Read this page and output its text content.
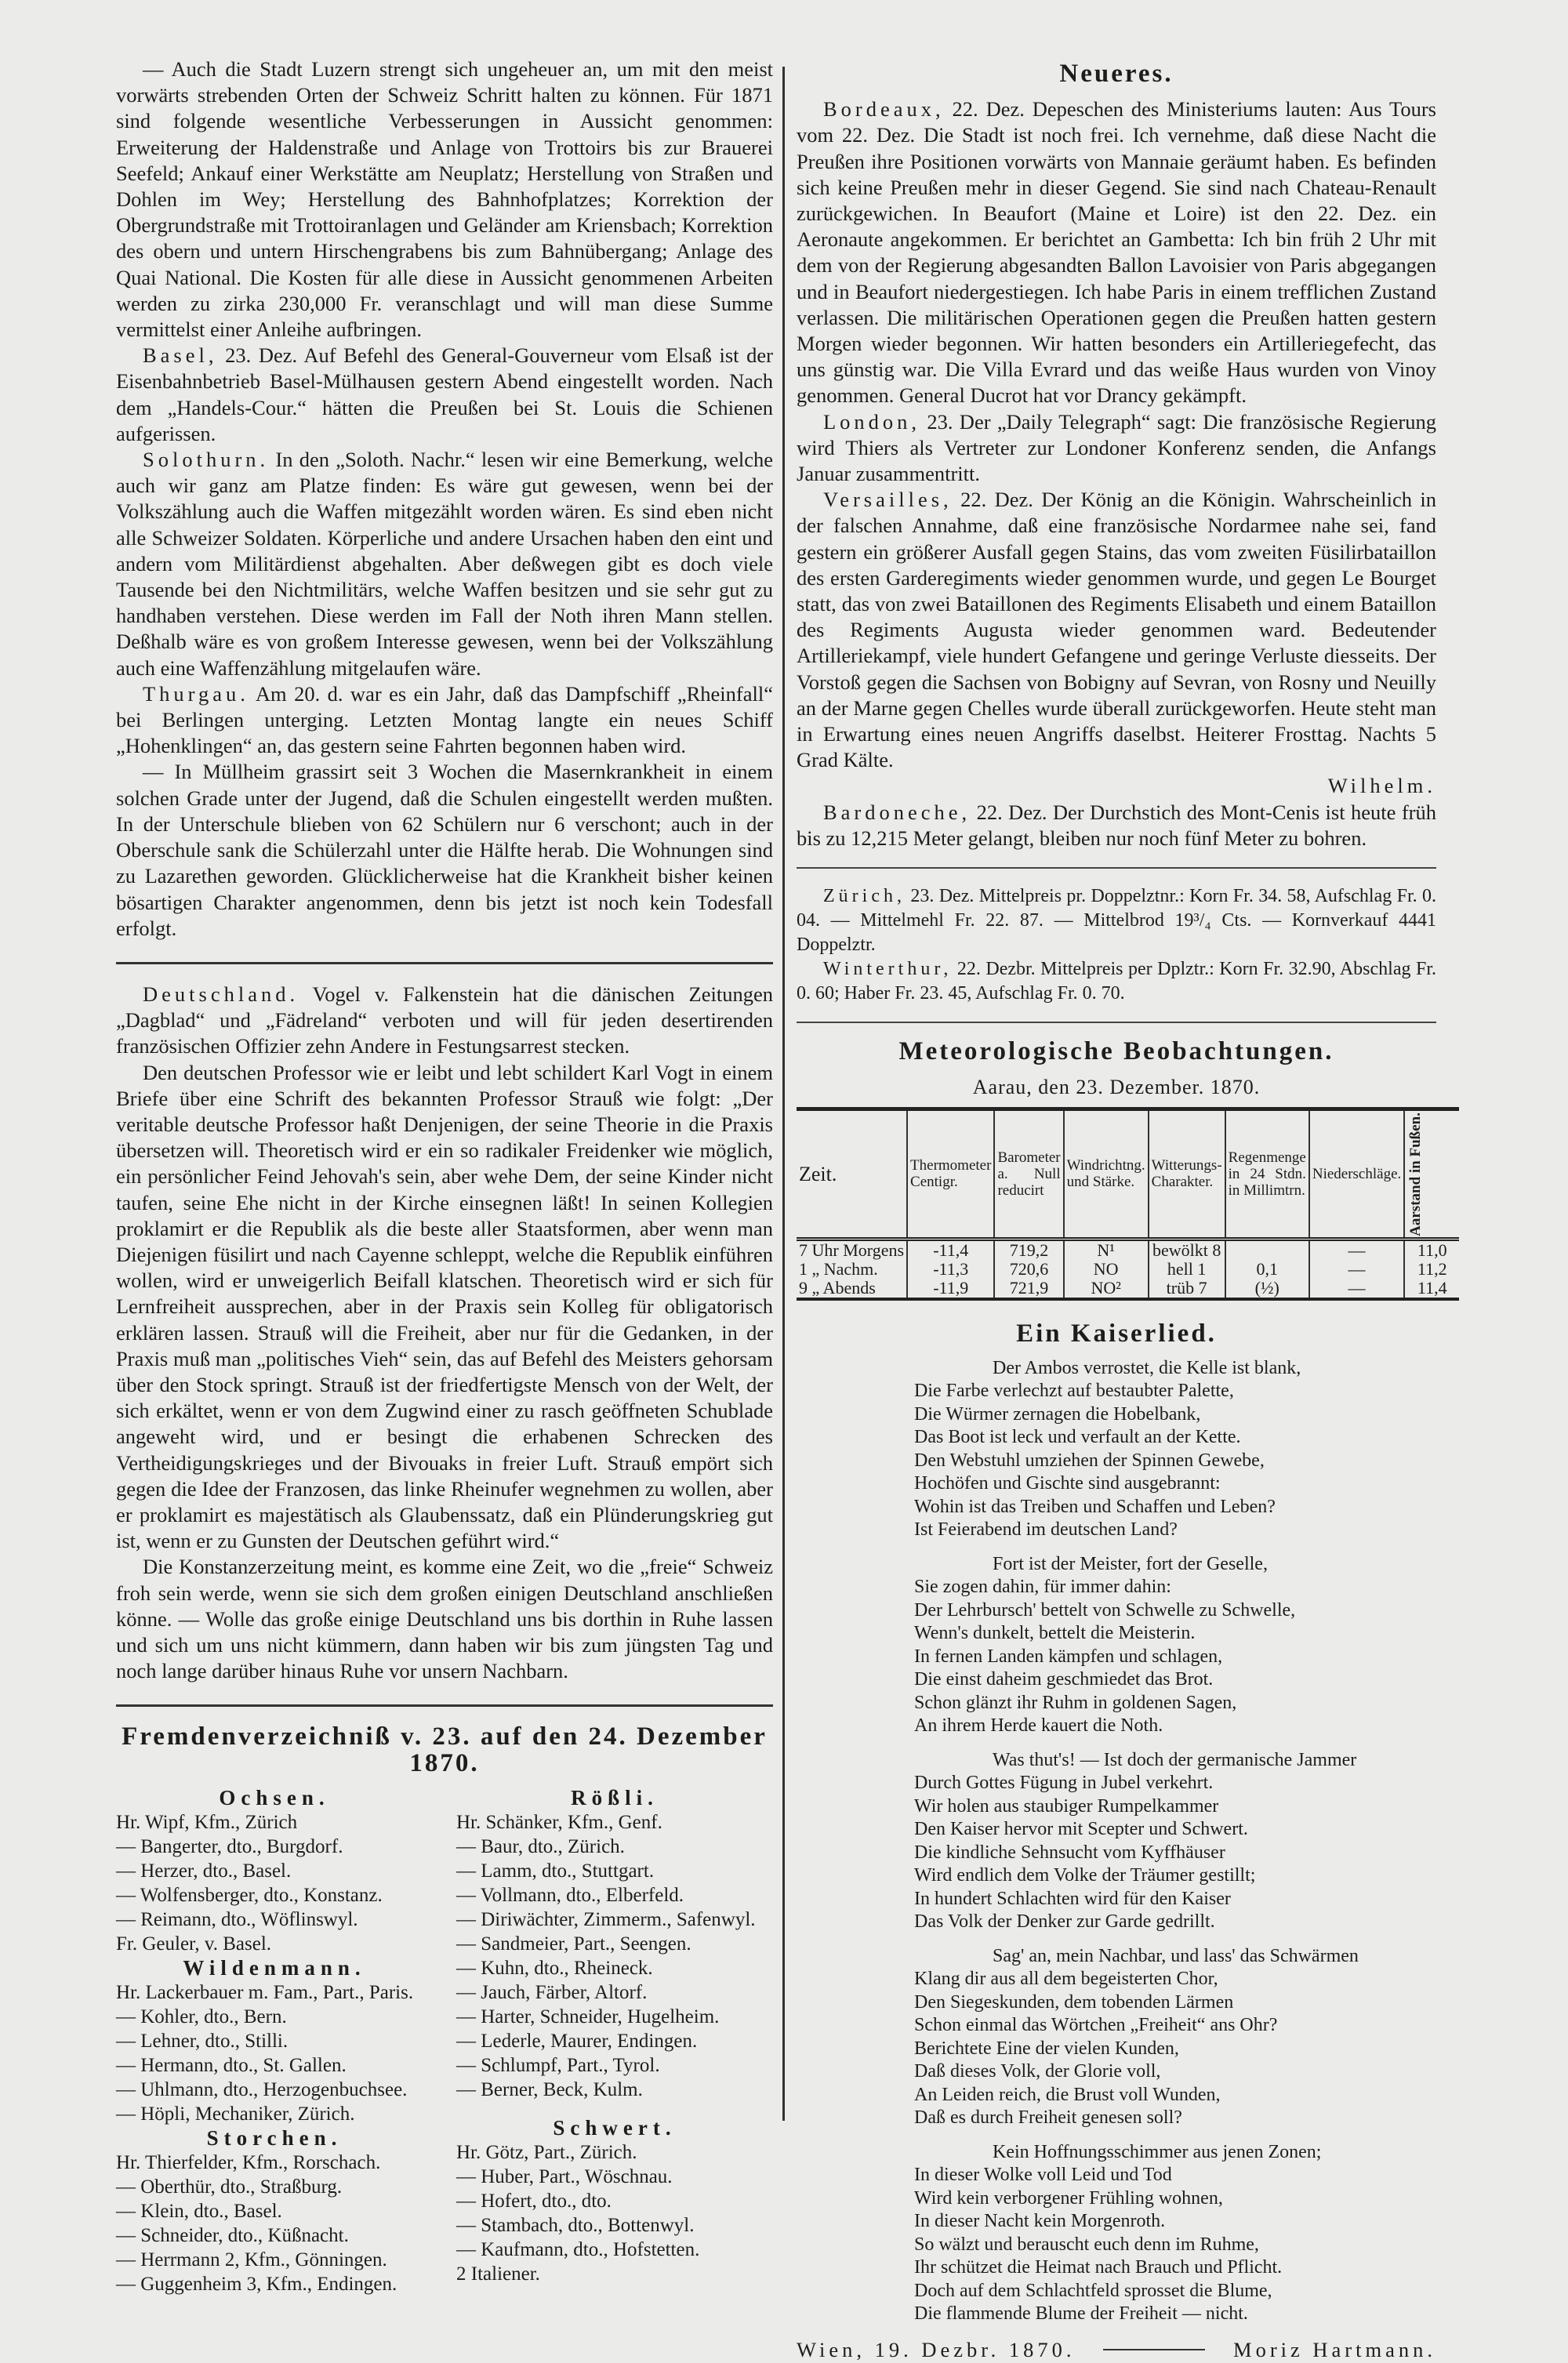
— Auch die Stadt Luzern strengt sich ungeheuer an, um mit den meist vorwärts strebenden Orten der Schweiz Schritt halten zu können. Für 1871 sind folgende wesentliche Verbesserungen in Aussicht genommen: Erweiterung der Haldenstraße und Anlage von Trottoirs bis zur Brauerei Seefeld; Ankauf einer Werkstätte am Neuplatz; Herstellung von Straßen und Dohlen im Wey; Herstellung des Bahnhofplatzes; Korrektion der Obergrundstraße mit Trottoiranlagen und Geländer am Kriensbach; Korrektion des obern und untern Hirschengrabens bis zum Bahnübergang; Anlage des Quai National. Die Kosten für alle diese in Aussicht genommenen Arbeiten werden zu zirka 230,000 Fr. veranschlagt und will man diese Summe vermittelst einer Anleihe aufbringen.

Basel, 23. Dez. Auf Befehl des General-Gouverneur vom Elsaß ist der Eisenbahnbetrieb Basel-Mülhausen gestern Abend eingestellt worden. Nach dem „Handels-Cour.“ hätten die Preußen bei St. Louis die Schienen aufgerissen.

Solothurn. In den „Soloth. Nachr.“ lesen wir eine Bemerkung, welche auch wir ganz am Platze finden: Es wäre gut gewesen, wenn bei der Volkszählung auch die Waffen mitgezählt worden wären. Es sind eben nicht alle Schweizer Soldaten. Körperliche und andere Ursachen haben den eint und andern vom Militärdienst abgehalten. Aber deßwegen gibt es doch viele Tausende bei den Nichtmilitärs, welche Waffen besitzen und sie sehr gut zu handhaben verstehen. Diese werden im Fall der Noth ihren Mann stellen. Deßhalb wäre es von großem Interesse gewesen, wenn bei der Volkszählung auch eine Waffenzählung mitgelaufen wäre.

Thurgau. Am 20. d. war es ein Jahr, daß das Dampfschiff „Rheinfall“ bei Berlingen unterging. Letzten Montag langte ein neues Schiff „Hohenklingen“ an, das gestern seine Fahrten begonnen haben wird.

— In Müllheim grassirt seit 3 Wochen die Masernkrankheit in einem solchen Grade unter der Jugend, daß die Schulen eingestellt werden mußten. In der Unterschule blieben von 62 Schülern nur 6 verschont; auch in der Oberschule sank die Schülerzahl unter die Hälfte herab. Die Wohnungen sind zu Lazarethen geworden. Glücklicherweise hat die Krankheit bisher keinen bösartigen Charakter angenommen, denn bis jetzt ist noch kein Todesfall erfolgt.

Deutschland. Vogel v. Falkenstein hat die dänischen Zeitungen „Dagblad“ und „Fädreland“ verboten und will für jeden desertirenden französischen Offizier zehn Andere in Festungsarrest stecken.

Den deutschen Professor wie er leibt und lebt schildert Karl Vogt in einem Briefe über eine Schrift des bekannten Professor Strauß wie folgt: „Der veritable deutsche Professor haßt Denjenigen, der seine Theorie in die Praxis übersetzen will. Theoretisch wird er ein so radikaler Freidenker wie möglich, ein persönlicher Feind Jehovah's sein, aber wehe Dem, der seine Kinder nicht taufen, seine Ehe nicht in der Kirche einsegnen läßt! In seinen Kollegien proklamirt er die Republik als die beste aller Staatsformen, aber wenn man Diejenigen füsilirt und nach Cayenne schleppt, welche die Republik einführen wollen, wird er unweigerlich Beifall klatschen. Theoretisch wird er sich für Lernfreiheit aussprechen, aber in der Praxis sein Kolleg für obligatorisch erklären lassen. Strauß will die Freiheit, aber nur für die Gedanken, in der Praxis muß man „politisches Vieh“ sein, das auf Befehl des Meisters gehorsam über den Stock springt. Strauß ist der friedfertigste Mensch von der Welt, der sich erkältet, wenn er von dem Zugwind einer zu rasch geöffneten Schublade angeweht wird, und er besingt die erhabenen Schrecken des Vertheidigungskrieges und der Bivouaks in freier Luft. Strauß empört sich gegen die Idee der Franzosen, das linke Rheinufer wegnehmen zu wollen, aber er proklamirt es majestätisch als Glaubenssatz, daß ein Plünderungskrieg gut ist, wenn er zu Gunsten der Deutschen geführt wird.“

Die Konstanzerzeitung meint, es komme eine Zeit, wo die „freie“ Schweiz froh sein werde, wenn sie sich dem großen einigen Deutschland anschließen könne. — Wolle das große einige Deutschland uns bis dorthin in Ruhe lassen und sich um uns nicht kümmern, dann haben wir bis zum jüngsten Tag und noch lange darüber hinaus Ruhe vor unsern Nachbarn.

Fremdenverzeichniß v. 23. auf den 24. Dezember 1870.
Ochsen.
Hr. Wipf, Kfm., Zürich
— Bangerter, dto., Burgdorf.
— Herzer, dto., Basel.
— Wolfensberger, dto., Konstanz.
— Reimann, dto., Wöflinswyl.
Fr. Geuler, v. Basel.
Wildenmann.
Hr. Lackerbauer m. Fam., Part., Paris.
— Kohler, dto., Bern.
— Lehner, dto., Stilli.
— Hermann, dto., St. Gallen.
— Uhlmann, dto., Herzogenbuchsee.
— Höpli, Mechaniker, Zürich.
Storchen.
Hr. Thierfelder, Kfm., Rorschach.
— Oberthür, dto., Straßburg.
— Klein, dto., Basel.
— Schneider, dto., Küßnacht.
— Herrmann 2, Kfm., Gönningen.
— Guggenheim 3, Kfm., Endingen.
Rößli.
Hr. Schänker, Kfm., Genf.
— Baur, dto., Zürich.
— Lamm, dto., Stuttgart.
— Vollmann, dto., Elberfeld.
— Diriwächter, Zimmerm., Safenwyl.
— Sandmeier, Part., Seengen.
— Kuhn, dto., Rheineck.
— Jauch, Färber, Altorf.
— Harter, Schneider, Hugelheim.
— Lederle, Maurer, Endingen.
— Schlumpf, Part., Tyrol.
— Berner, Beck, Kulm.
Schwert.
Hr. Götz, Part., Zürich.
— Huber, Part., Wöschnau.
— Hofert, dto., dto.
— Stambach, dto., Bottenwyl.
— Kaufmann, dto., Hofstetten.
2 Italiener.
Neueres.

Bordeaux, 22. Dez. Depeschen des Ministeriums lauten: Aus Tours vom 22. Dez. Die Stadt ist noch frei. Ich vernehme, daß diese Nacht die Preußen ihre Positionen vorwärts von Mannaie geräumt haben. Es befinden sich keine Preußen mehr in dieser Gegend. Sie sind nach Chateau-Renault zurückgewichen. In Beaufort (Maine et Loire) ist den 22. Dez. ein Aeronaute angekommen. Er berichtet an Gambetta: Ich bin früh 2 Uhr mit dem von der Regierung abgesandten Ballon Lavoisier von Paris abgegangen und in Beaufort niedergestiegen. Ich habe Paris in einem trefflichen Zustand verlassen. Die militärischen Operationen gegen die Preußen hatten gestern Morgen wieder begonnen. Wir hatten besonders ein Artilleriegefecht, das uns günstig war. Die Villa Evrard und das weiße Haus wurden von Vinoy genommen. General Ducrot hat vor Drancy gekämpft.

London, 23. Der „Daily Telegraph“ sagt: Die französische Regierung wird Thiers als Vertreter zur Londoner Konferenz senden, die Anfangs Januar zusammentritt.

Versailles, 22. Dez. Der König an die Königin. Wahrscheinlich in der falschen Annahme, daß eine französische Nordarmee nahe sei, fand gestern ein größerer Ausfall gegen Stains, das vom zweiten Füsilirbataillon des ersten Garderegiments wieder genommen wurde, und gegen Le Bourget statt, das von zwei Bataillonen des Regiments Elisabeth und einem Bataillon des Regiments Augusta wieder genommen ward. Bedeutender Artilleriekampf, viele hundert Gefangene und geringe Verluste diesseits. Der Vorstoß gegen die Sachsen von Bobigny auf Sevran, von Rosny und Neuilly an der Marne gegen Chelles wurde überall zurückgeworfen. Heute steht man in Erwartung eines neuen Angriffs daselbst. Heiterer Frosttag. Nachts 5 Grad Kälte.

Wilhelm.

Bardoneche, 22. Dez. Der Durchstich des Mont-Cenis ist heute früh bis zu 12,215 Meter gelangt, bleiben nur noch fünf Meter zu bohren.

Zürich, 23. Dez. Mittelpreis pr. Doppelztnr.: Korn Fr. 34. 58, Aufschlag Fr. 0. 04. — Mittelmehl Fr. 22. 87. — Mittelbrod 19³/₄ Cts. — Kornverkauf 4441 Doppelztr.

Winterthur, 22. Dezbr. Mittelpreis per Dplztr.: Korn Fr. 32.90, Abschlag Fr. 0. 60; Haber Fr. 23. 45, Aufschlag Fr. 0. 70.

Meteorologische Beobachtungen.
Aarau, den 23. Dezember. 1870.
Zeit.	Thermometer Centigr.	Barometer a. Null reducirt	Windrichtng. und Stärke.	Witterungs-Charakter.	Regenmenge in 24 Stdn. in Millimtrn.	Niederschläge.	Aarstand in Fußen.

7 Uhr Morgens	-11,4	719,2	N¹	bewölkt 8		—	11,0
1 „ Nachm.	-11,3	720,6	NO	hell 1	0,1	—	11,2
9 „ Abends	-11,9	721,9	NO²	trüb 7	(½)	—	11,4
Ein Kaiserlied.
Der Ambos verrostet, die Kelle ist blank,
Die Farbe verlechzt auf bestaubter Palette,
Die Würmer zernagen die Hobelbank,
Das Boot ist leck und verfault an der Kette.
Den Webstuhl umziehen der Spinnen Gewebe,
Hochöfen und Gischte sind ausgebrannt:
Wohin ist das Treiben und Schaffen und Leben?
Ist Feierabend im deutschen Land?
Fort ist der Meister, fort der Geselle,
Sie zogen dahin, für immer dahin:
Der Lehrbursch' bettelt von Schwelle zu Schwelle,
Wenn's dunkelt, bettelt die Meisterin.
In fernen Landen kämpfen und schlagen,
Die einst daheim geschmiedet das Brot.
Schon glänzt ihr Ruhm in goldenen Sagen,
An ihrem Herde kauert die Noth.
Was thut's! — Ist doch der germanische Jammer
Durch Gottes Fügung in Jubel verkehrt.
Wir holen aus staubiger Rumpelkammer
Den Kaiser hervor mit Scepter und Schwert.
Die kindliche Sehnsucht vom Kyffhäuser
Wird endlich dem Volke der Träumer gestillt;
In hundert Schlachten wird für den Kaiser
Das Volk der Denker zur Garde gedrillt.
Sag' an, mein Nachbar, und lass' das Schwärmen
Klang dir aus all dem begeisterten Chor,
Den Siegeskunden, dem tobenden Lärmen
Schon einmal das Wörtchen „Freiheit“ ans Ohr?
Berichtete Eine der vielen Kunden,
Daß dieses Volk, der Glorie voll,
An Leiden reich, die Brust voll Wunden,
Daß es durch Freiheit genesen soll?
Kein Hoffnungsschimmer aus jenen Zonen;
In dieser Wolke voll Leid und Tod
Wird kein verborgener Frühling wohnen,
In dieser Nacht kein Morgenroth.
So wälzt und berauscht euch denn im Ruhme,
Ihr schützet die Heimat nach Brauch und Pflicht.
Doch auf dem Schlachtfeld sprosset die Blume,
Die flammende Blume der Freiheit — nicht.
Wien, 19. Dezbr. 1870.	Moriz Hartmann.
